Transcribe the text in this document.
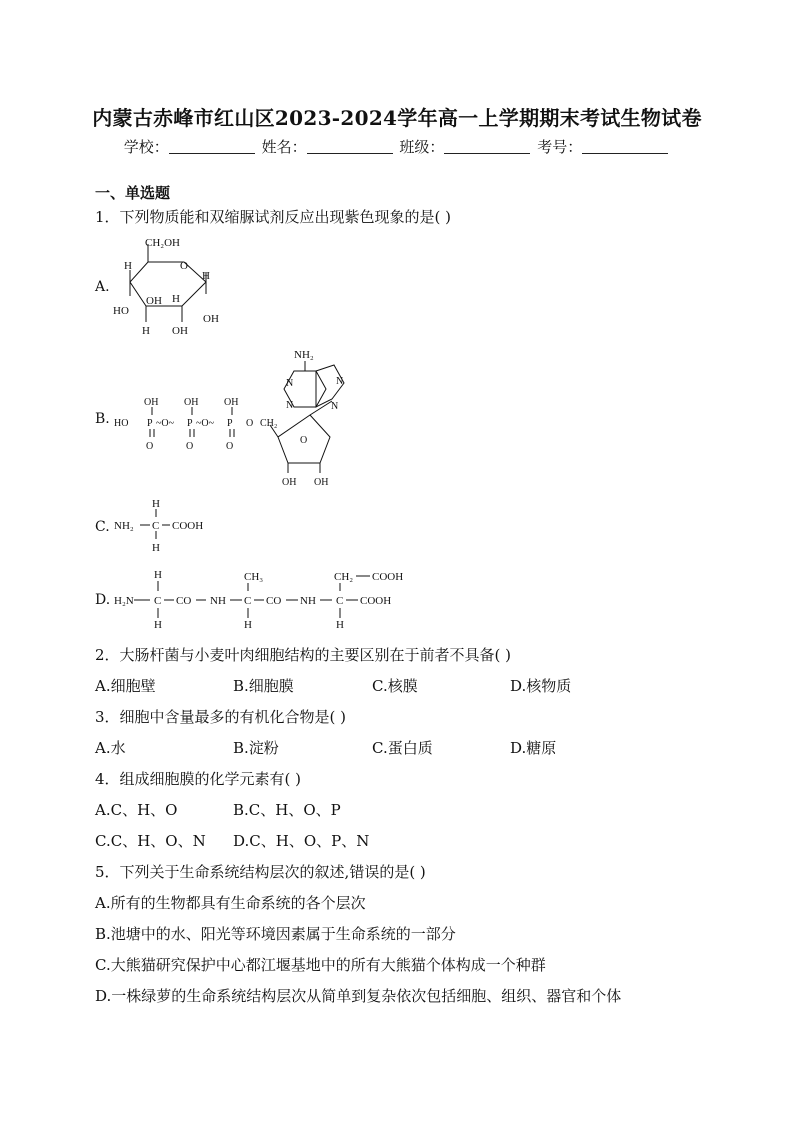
内蒙古赤峰市红山区2023-2024学年高一上学期期末考试生物试卷
学校：	姓名：	班级：	考号：
一、单选题
1．下列物质能和双缩脲试剂反应出现紫色现象的是( )
A.
CH₂OH
H	O
H
OH
HO
H OH
H
OH
B.
NH₂
N
N
N
N
OH	OH	OH
HO P ~O~ P ~O~ P O
O	O	O
CH₂
O
OH OH
C.
H
NH₂ C COOH
H
D.
H	CH₃	CH₂ COOH
H₂N C CO NH C CO NH C COOH
H	H	H
2．大肠杆菌与小麦叶肉细胞结构的主要区别在于前者不具备( )
A.细胞壁	B.细胞膜	C.核膜	D.核物质
3．细胞中含量最多的有机化合物是( )
A.水	B.淀粉	C.蛋白质	D.糖原
4．组成细胞膜的化学元素有( )
A.C、H、O	B.C、H、O、P
C.C、H、O、N D.C、H、O、P、N
5．下列关于生命系统结构层次的叙述,错误的是( )
A.所有的生物都具有生命系统的各个层次
B.池塘中的水、阳光等环境因素属于生命系统的一部分
C.大熊猫研究保护中心都江堰基地中的所有大熊猫个体构成一个种群
D.一株绿萝的生命系统结构层次从简单到复杂依次包括细胞、组织、器官和个体
